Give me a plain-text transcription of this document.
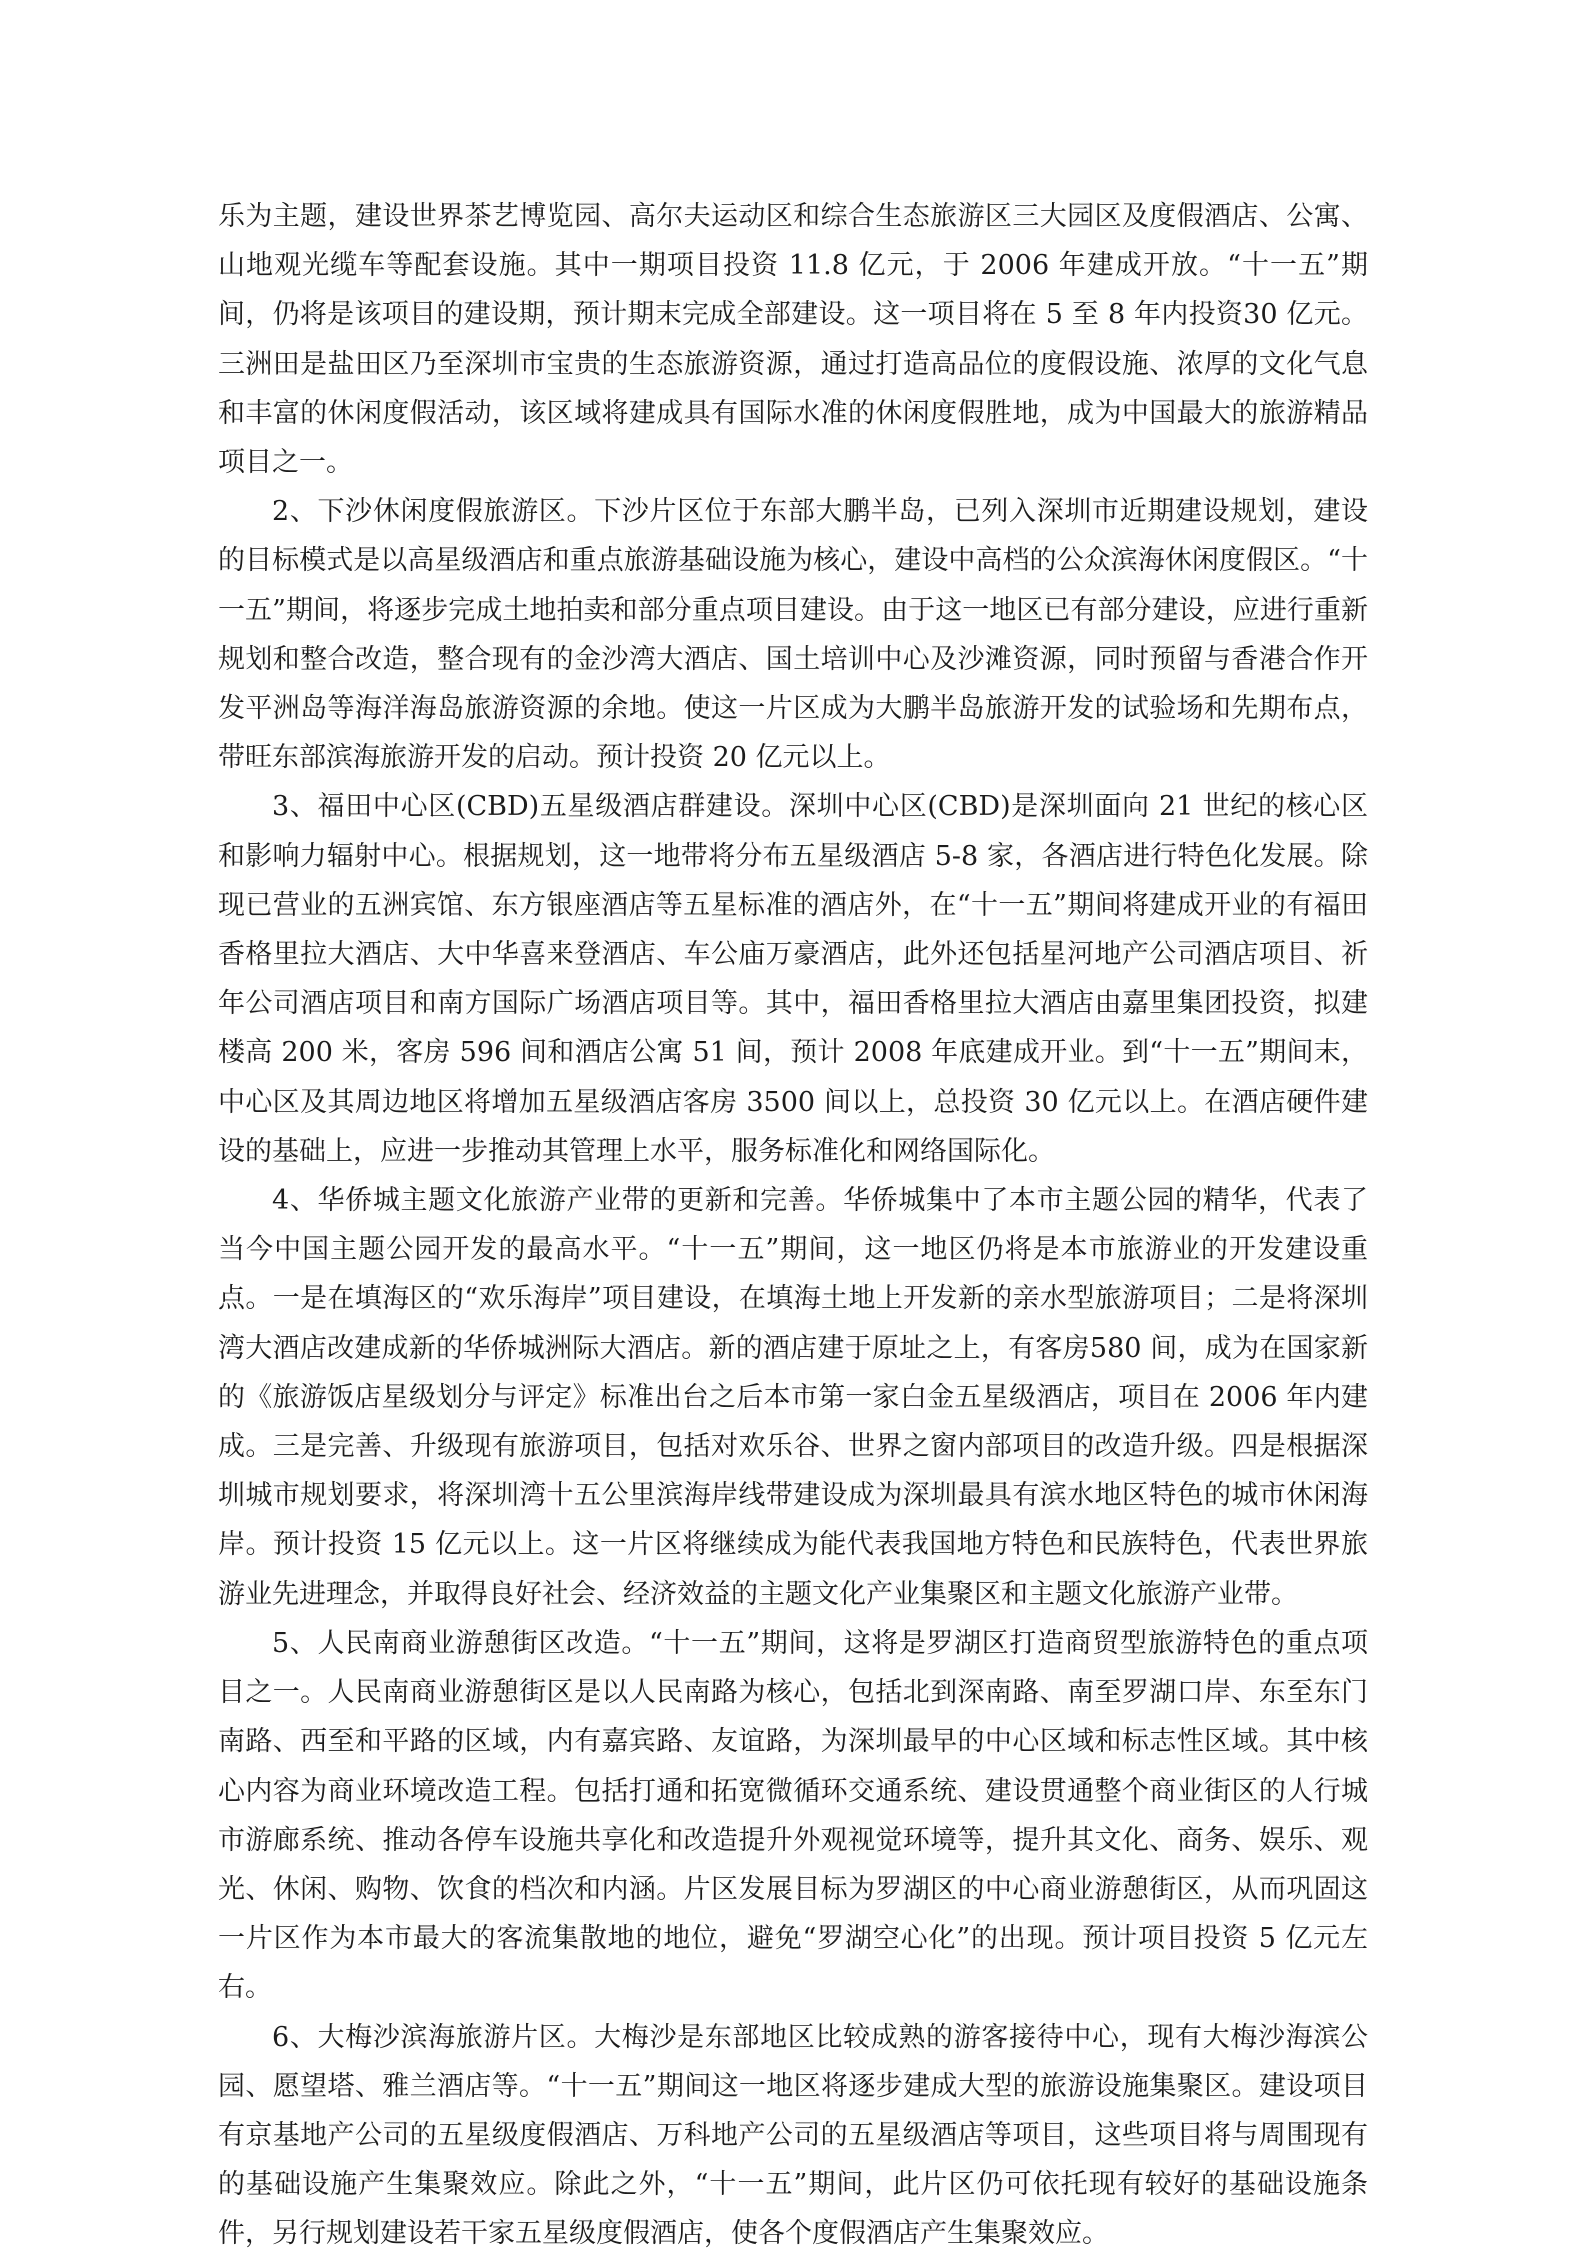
乐为主题，建设世界茶艺博览园、高尔夫运动区和综合生态旅游区三大园区及度假酒店、公寓、山地观光缆车等配套设施。其中一期项目投资 11.8 亿元，于 2006 年建成开放。“十一五”期间，仍将是该项目的建设期，预计期末完成全部建设。这一项目将在 5 至 8 年内投资30 亿元。三洲田是盐田区乃至深圳市宝贵的生态旅游资源，通过打造高品位的度假设施、浓厚的文化气息和丰富的休闲度假活动，该区域将建成具有国际水准的休闲度假胜地，成为中国最大的旅游精品项目之一。

2、下沙休闲度假旅游区。下沙片区位于东部大鹏半岛，已列入深圳市近期建设规划，建设的目标模式是以高星级酒店和重点旅游基础设施为核心，建设中高档的公众滨海休闲度假区。“十一五”期间，将逐步完成土地拍卖和部分重点项目建设。由于这一地区已有部分建设，应进行重新规划和整合改造，整合现有的金沙湾大酒店、国土培训中心及沙滩资源，同时预留与香港合作开发平洲岛等海洋海岛旅游资源的余地。使这一片区成为大鹏半岛旅游开发的试验场和先期布点，带旺东部滨海旅游开发的启动。预计投资 20 亿元以上。

3、福田中心区(CBD)五星级酒店群建设。深圳中心区(CBD)是深圳面向 21 世纪的核心区和影响力辐射中心。根据规划，这一地带将分布五星级酒店 5-8 家，各酒店进行特色化发展。除现已营业的五洲宾馆、东方银座酒店等五星标准的酒店外，在“十一五”期间将建成开业的有福田香格里拉大酒店、大中华喜来登酒店、车公庙万豪酒店，此外还包括星河地产公司酒店项目、祈年公司酒店项目和南方国际广场酒店项目等。其中，福田香格里拉大酒店由嘉里集团投资，拟建楼高 200 米，客房 596 间和酒店公寓 51 间，预计 2008 年底建成开业。到“十一五”期间末，中心区及其周边地区将增加五星级酒店客房 3500 间以上，总投资 30 亿元以上。在酒店硬件建设的基础上，应进一步推动其管理上水平，服务标准化和网络国际化。

4、华侨城主题文化旅游产业带的更新和完善。华侨城集中了本市主题公园的精华，代表了当今中国主题公园开发的最高水平。“十一五”期间，这一地区仍将是本市旅游业的开发建设重点。一是在填海区的“欢乐海岸”项目建设，在填海土地上开发新的亲水型旅游项目；二是将深圳湾大酒店改建成新的华侨城洲际大酒店。新的酒店建于原址之上，有客房580 间，成为在国家新的《旅游饭店星级划分与评定》标准出台之后本市第一家白金五星级酒店，项目在 2006 年内建成。三是完善、升级现有旅游项目，包括对欢乐谷、世界之窗内部项目的改造升级。四是根据深圳城市规划要求，将深圳湾十五公里滨海岸线带建设成为深圳最具有滨水地区特色的城市休闲海岸。预计投资 15 亿元以上。这一片区将继续成为能代表我国地方特色和民族特色，代表世界旅游业先进理念，并取得良好社会、经济效益的主题文化产业集聚区和主题文化旅游产业带。

5、人民南商业游憩街区改造。“十一五”期间，这将是罗湖区打造商贸型旅游特色的重点项目之一。人民南商业游憩街区是以人民南路为核心，包括北到深南路、南至罗湖口岸、东至东门南路、西至和平路的区域，内有嘉宾路、友谊路，为深圳最早的中心区域和标志性区域。其中核心内容为商业环境改造工程。包括打通和拓宽微循环交通系统、建设贯通整个商业街区的人行城市游廊系统、推动各停车设施共享化和改造提升外观视觉环境等，提升其文化、商务、娱乐、观光、休闲、购物、饮食的档次和内涵。片区发展目标为罗湖区的中心商业游憩街区，从而巩固这一片区作为本市最大的客流集散地的地位，避免“罗湖空心化”的出现。预计项目投资 5 亿元左右。

6、大梅沙滨海旅游片区。大梅沙是东部地区比较成熟的游客接待中心，现有大梅沙海滨公园、愿望塔、雅兰酒店等。“十一五”期间这一地区将逐步建成大型的旅游设施集聚区。建设项目有京基地产公司的五星级度假酒店、万科地产公司的五星级酒店等项目，这些项目将与周围现有的基础设施产生集聚效应。除此之外，“十一五”期间，此片区仍可依托现有较好的基础设施条件，另行规划建设若干家五星级度假酒店，使各个度假酒店产生集聚效应。
